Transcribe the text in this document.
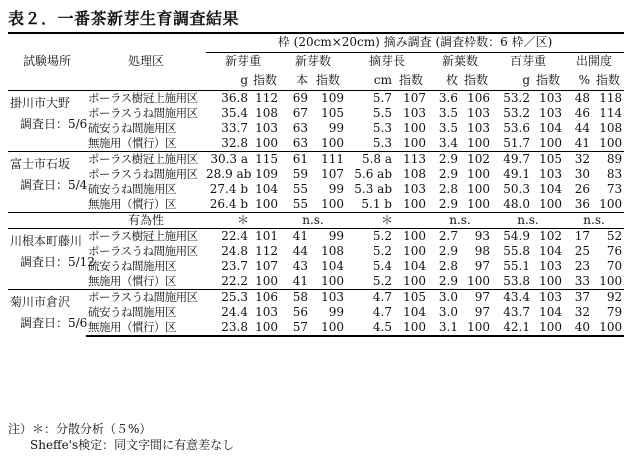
表２．一番茶新芽生育調査結果
試験場所	処理区	枠 (20cm×20cm) 摘み調査 (調査枠数：6 枠／区)											
		新芽重		新芽数		摘芽長		新葉数		百芽重		出開度	
		g	指数	本	指数	cm	指数	枚	指数	g	指数	%	指数

掛川市大野
調査日：5/6	ポーラス樹冠上施用区	36.8	112	69	109	5.7	107	3.6	106	53.2	103	48	118
	ポーラスうね間施用区	35.4	108	67	105	5.5	103	3.5	103	53.2	103	46	114
	硫安うね間施用区	33.7	103	63	99	5.3	100	3.5	103	53.6	104	44	108
	無施用（慣行）区	32.8	100	63	100	5.3	100	3.4	100	51.7	100	41	100

富士市石坂
調査日：5/4	ポーラス樹冠上施用区	30.3 a	115	61	111	5.8 a	113	2.9	102	49.7	105	32	89
	ポーラスうね間施用区	28.9 ab	109	59	107	5.6 ab	108	2.9	100	49.1	103	30	83
	硫安うね間施用区	27.4 b	104	55	99	5.3 ab	103	2.8	100	50.3	104	26	73
	無施用（慣行）区	26.4 b	100	55	100	5.1 b	100	2.9	100	48.0	100	36	100
	有為性	＊		n.s.		＊		n.s.		n.s.		n.s.	

川根本町藤川
調査日：5/12	ポーラス樹冠上施用区	22.4	101	41	99	5.2	100	2.7	93	54.9	102	17	52
	ポーラスうね間施用区	24.8	112	44	108	5.2	100	2.9	98	55.8	104	25	76
	硫安うね間施用区	23.7	107	43	104	5.4	104	2.8	97	55.1	103	23	70
	無施用（慣行）区	22.2	100	41	100	5.2	100	2.9	100	53.8	100	33	100

菊川市倉沢
調査日：5/6	ポーラスうね間施用区	25.3	106	58	103	4.7	105	3.0	97	43.4	103	37	92
	硫安うね間施用区	24.4	103	56	99	4.7	104	3.0	97	43.7	104	32	79
	無施用（慣行）区	23.8	100	57	100	4.5	100	3.1	100	42.1	100	40	100
注）＊：分散分析（５%）
Sheffe's検定：同文字間に有意差なし
